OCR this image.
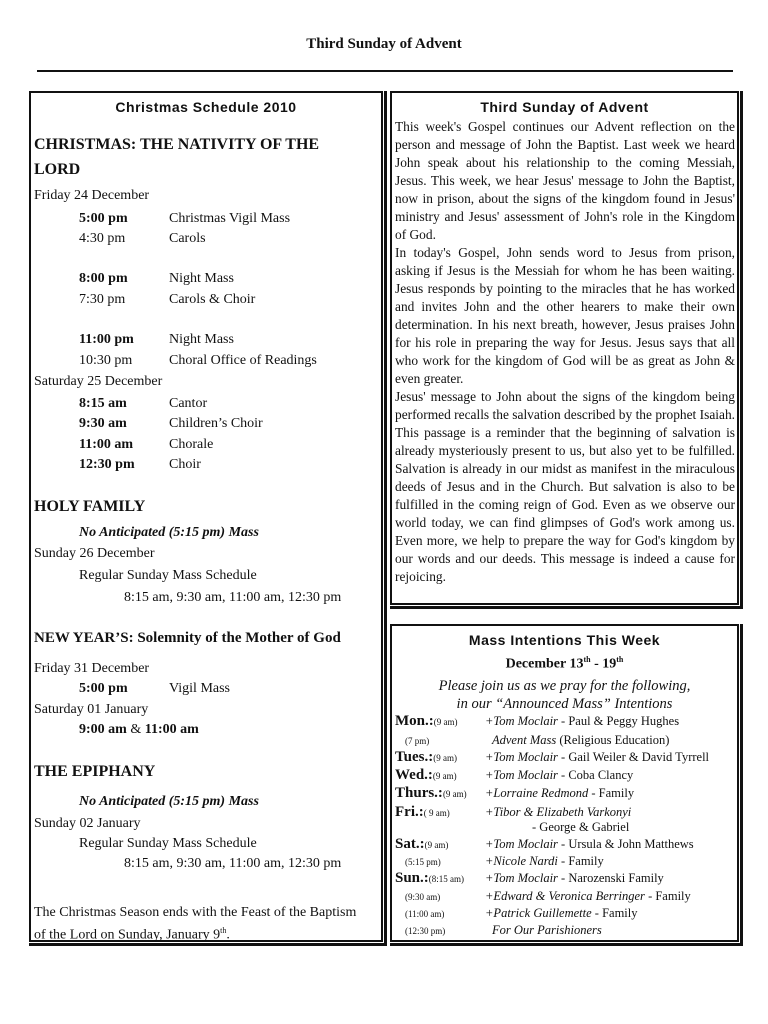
Third Sunday of Advent
Christmas Schedule 2010
CHRISTMAS: THE NATIVITY OF THE
LORD
Friday 24 December
5:00 pm	Christmas Vigil Mass
4:30 pm	Carols
8:00 pm	Night Mass
7:30 pm	Carols & Choir
11:00 pm	Night Mass
10:30 pm	Choral Office of Readings
Saturday 25 December
8:15 am	Cantor
9:30 am	Children’s Choir
11:00 am	Chorale
12:30 pm Choir
HOLY FAMILY
No Anticipated (5:15 pm) Mass
Sunday 26 December
Regular Sunday Mass Schedule
8:15 am, 9:30 am, 11:00 am, 12:30 pm
NEW YEAR’S: Solemnity of the Mother of God
Friday 31 December
5:00 pm	Vigil Mass
Saturday 01 January
9:00 am & 11:00 am
THE EPIPHANY
No Anticipated (5:15 pm) Mass
Sunday 02 January
Regular Sunday Mass Schedule
8:15 am, 9:30 am, 11:00 am, 12:30 pm
The Christmas Season ends with the Feast of the Baptism
of the Lord on Sunday, January 9th.
Third Sunday of Advent

This week's Gospel continues our Advent reflection on the person and message of John the Baptist. Last week we heard John speak about his relationship to the coming Messiah, Jesus. This week, we hear Jesus' message to John the Baptist, now in prison, about the signs of the kingdom found in Jesus' ministry and Jesus' assessment of John's role in the Kingdom of God.

In today's Gospel, John sends word to Jesus from prison, asking if Jesus is the Messiah for whom he has been waiting. Jesus responds by pointing to the miracles that he has worked and invites John and the other hearers to make their own determination. In his next breath, however, Jesus praises John for his role in preparing the way for Jesus. Jesus says that all who work for the kingdom of God will be as great as John & even greater.

Jesus' message to John about the signs of the kingdom being performed recalls the salvation described by the prophet Isaiah. This passage is a reminder that the beginning of salvation is already mysteriously present to us, but also yet to be fulfilled. Salvation is already in our midst as manifest in the miraculous deeds of Jesus and in the Church. But salvation is also to be fulfilled in the coming reign of God. Even as we observe our world today, we can find glimpses of God's work among us. Even more, we help to prepare the way for God's kingdom by our words and our deeds. This message is indeed a cause for rejoicing.

Mass Intentions This Week
December 13th - 19th
Please join us as we pray for the following,
in our “Announced Mass” Intentions
Mon.:(9 am) +Tom Moclair - Paul & Peggy Hughes
(7 pm)	Advent Mass (Religious Education)
Tues.:(9 am) +Tom Moclair - Gail Weiler & David Tyrrell
Wed.:(9 am) +Tom Moclair - Coba Clancy
Thurs.:(9 am) +Lorraine Redmond - Family
Fri.:( 9 am)	+Tibor & Elizabeth Varkonyi
- George & Gabriel
Sat.:(9 am)	+Tom Moclair - Ursula & John Matthews
(5:15 pm)	+Nicole Nardi - Family
Sun.:(8:15 am) +Tom Moclair - Narozenski Family
(9:30 am)	+Edward & Veronica Berringer - Family
(11:00 am)	+Patrick Guillemette - Family
(12:30 pm)	For Our Parishioners
